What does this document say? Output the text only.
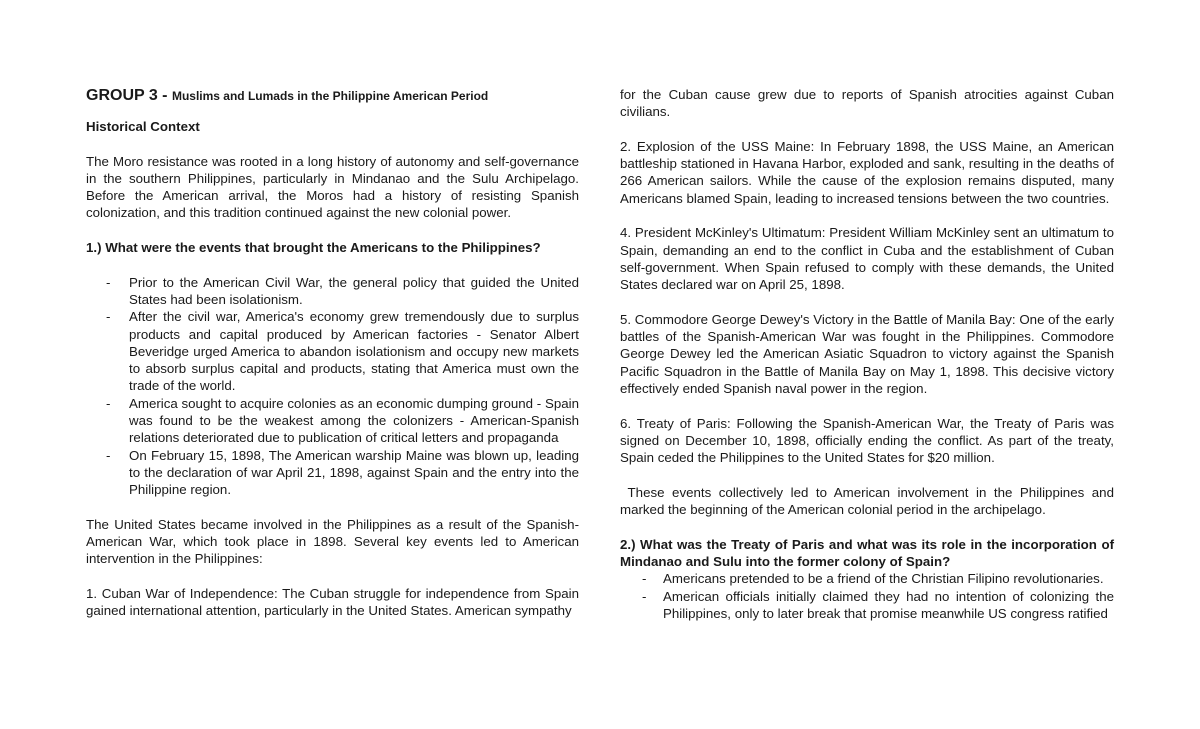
GROUP 3 - Muslims and Lumads in the Philippine American Period

Historical Context

The Moro resistance was rooted in a long history of autonomy and self-governance in the southern Philippines, particularly in Mindanao and the Sulu Archipelago. Before the American arrival, the Moros had a history of resisting Spanish colonization, and this tradition continued against the new colonial power.

1.) What were the events that brought the Americans to the Philippines?

- Prior to the American Civil War, the general policy that guided the United States had been isolationism.
- After the civil war, America's economy grew tremendously due to surplus products and capital produced by American factories - Senator Albert Beveridge urged America to abandon isolationism and occupy new markets to absorb surplus capital and products, stating that America must own the trade of the world.
- America sought to acquire colonies as an economic dumping ground - Spain was found to be the weakest among the colonizers - American-Spanish relations deteriorated due to publication of critical letters and propaganda
- On February 15, 1898, The American warship Maine was blown up, leading to the declaration of war April 21, 1898, against Spain and the entry into the Philippine region.

The United States became involved in the Philippines as a result of the Spanish-American War, which took place in 1898. Several key events led to American intervention in the Philippines:

1. Cuban War of Independence: The Cuban struggle for independence from Spain gained international attention, particularly in the United States. American sympathy

for the Cuban cause grew due to reports of Spanish atrocities against Cuban civilians.

2. Explosion of the USS Maine: In February 1898, the USS Maine, an American battleship stationed in Havana Harbor, exploded and sank, resulting in the deaths of 266 American sailors. While the cause of the explosion remains disputed, many Americans blamed Spain, leading to increased tensions between the two countries.

4. President McKinley's Ultimatum: President William McKinley sent an ultimatum to Spain, demanding an end to the conflict in Cuba and the establishment of Cuban self-government. When Spain refused to comply with these demands, the United States declared war on April 25, 1898.

5. Commodore George Dewey's Victory in the Battle of Manila Bay: One of the early battles of the Spanish-American War was fought in the Philippines. Commodore George Dewey led the American Asiatic Squadron to victory against the Spanish Pacific Squadron in the Battle of Manila Bay on May 1, 1898. This decisive victory effectively ended Spanish naval power in the region.

6. Treaty of Paris: Following the Spanish-American War, the Treaty of Paris was signed on December 10, 1898, officially ending the conflict. As part of the treaty, Spain ceded the Philippines to the United States for $20 million.

These events collectively led to American involvement in the Philippines and marked the beginning of the American colonial period in the archipelago.

2.) What was the Treaty of Paris and what was its role in the incorporation of Mindanao and Sulu into the former colony of Spain?

- Americans pretended to be a friend of the Christian Filipino revolutionaries.
- American officials initially claimed they had no intention of colonizing the Philippines, only to later break that promise meanwhile US congress ratified
